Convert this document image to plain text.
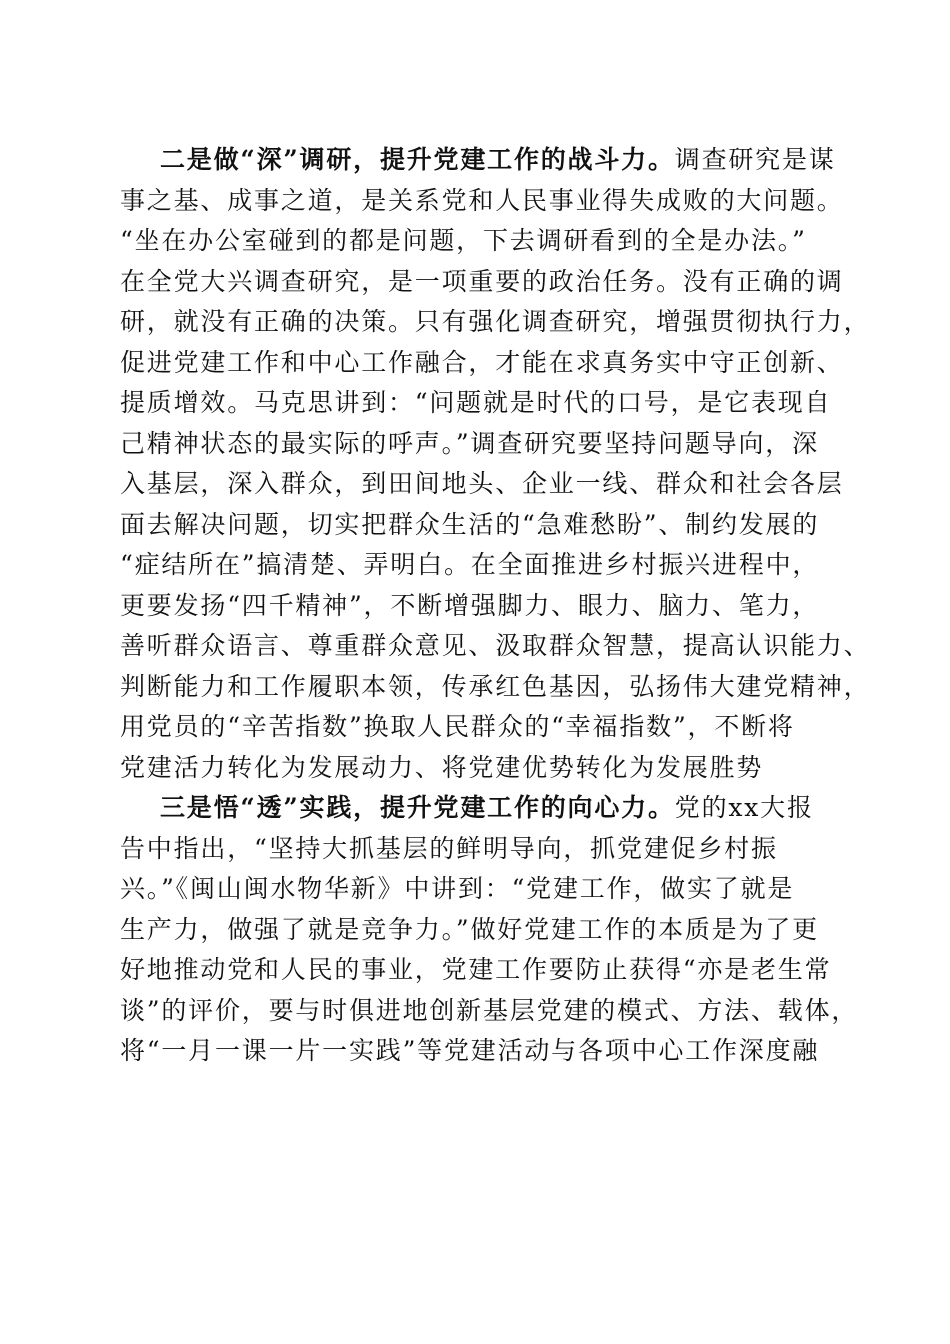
二是做“深”调研，提升党建工作的战斗力。调查研究是谋
事之基、成事之道，是关系党和人民事业得失成败的大问题。
“坐在办公室碰到的都是问题，下去调研看到的全是办法。”
在全党大兴调查研究，是一项重要的政治任务。没有正确的调
研，就没有正确的决策。只有强化调查研究，增强贯彻执行力，
促进党建工作和中心工作融合，才能在求真务实中守正创新、
提质增效。马克思讲到：“问题就是时代的口号，是它表现自
己精神状态的最实际的呼声。”调查研究要坚持问题导向，深
入基层，深入群众，到田间地头、企业一线、群众和社会各层
面去解决问题，切实把群众生活的“急难愁盼”、制约发展的
“症结所在”搞清楚、弄明白。在全面推进乡村振兴进程中，
更要发扬“四千精神”，不断增强脚力、眼力、脑力、笔力，
善听群众语言、尊重群众意见、汲取群众智慧，提高认识能力、
判断能力和工作履职本领，传承红色基因，弘扬伟大建党精神，
用党员的“辛苦指数”换取人民群众的“幸福指数”，不断将
党建活力转化为发展动力、将党建优势转化为发展胜势
三是悟“透”实践，提升党建工作的向心力。党的xx大报
告中指出，“坚持大抓基层的鲜明导向，抓党建促乡村振
兴。”《闽山闽水物华新》中讲到：“党建工作，做实了就是
生产力，做强了就是竞争力。”做好党建工作的本质是为了更
好地推动党和人民的事业，党建工作要防止获得“亦是老生常
谈”的评价，要与时俱进地创新基层党建的模式、方法、载体，
将“一月一课一片一实践”等党建活动与各项中心工作深度融
